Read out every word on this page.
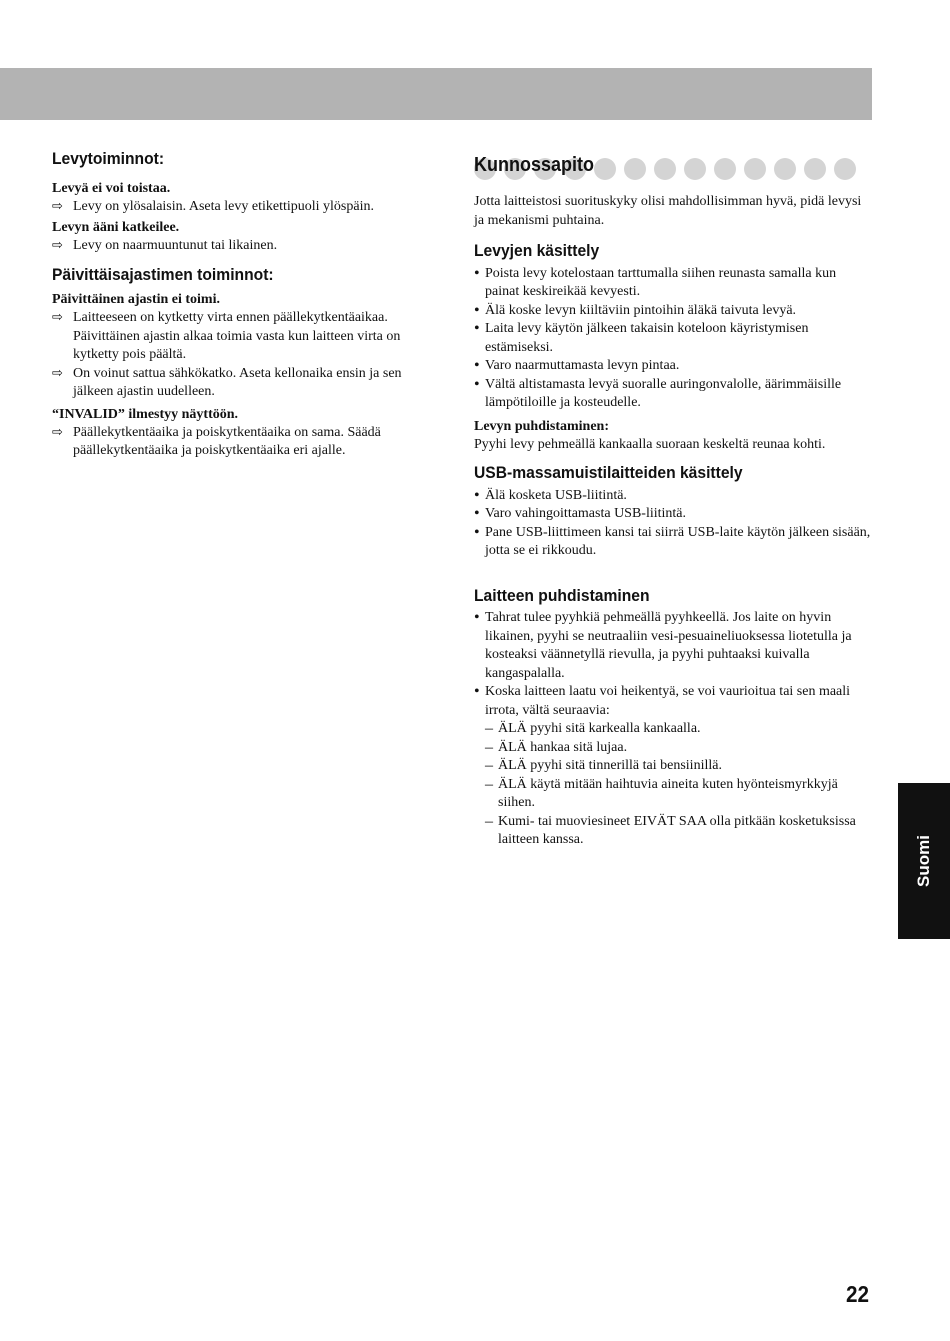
Levytoiminnot:

Levyä ei voi toistaa.

⇨ Levy on ylösalaisin. Aseta levy etikettipuoli ylöspäin.

Levyn ääni katkeilee.

⇨ Levy on naarmuuntunut tai likainen.

Päivittäisajastimen toiminnot:

Päivittäinen ajastin ei toimi.

⇨ Laitteeseen on kytketty virta ennen päällekytkentäaikaa. Päivittäinen ajastin alkaa toimia vasta kun laitteen virta on kytketty pois päältä.

⇨ On voinut sattua sähkökatko. Aseta kellonaika ensin ja sen jälkeen ajastin uudelleen.

“INVALID” ilmestyy näyttöön.

⇨ Päällekytkentäaika ja poiskytkentäaika on sama. Säädä päällekytkentäaika ja poiskytkentäaika eri ajalle.

Kunnossapito

Jotta laitteistosi suorituskyky olisi mahdollisimman hyvä, pidä levysi ja mekanismi puhtaina.

Levyjen käsittely

• Poista levy kotelostaan tarttumalla siihen reunasta samalla kun painat keskireikää kevyesti.

• Älä koske levyn kiiltäviin pintoihin äläkä taivuta levyä.

• Laita levy käytön jälkeen takaisin koteloon käyristymisen estämiseksi.

• Varo naarmuttamasta levyn pintaa.

• Vältä altistamasta levyä suoralle auringonvalolle, äärimmäisille lämpötiloille ja kosteudelle.

Levyn puhdistaminen:

Pyyhi levy pehmeällä kankaalla suoraan keskeltä reunaa kohti.

USB-massamuistilaitteiden käsittely

• Älä kosketa USB-liitintä.

• Varo vahingoittamasta USB-liitintä.

• Pane USB-liittimeen kansi tai siirrä USB-laite käytön jälkeen sisään, jotta se ei rikkoudu.

Laitteen puhdistaminen

• Tahrat tulee pyyhkiä pehmeällä pyyhkeellä. Jos laite on hyvin likainen, pyyhi se neutraaliin vesi-pesuaineliuoksessa liotetulla ja kosteaksi väännetyllä rievulla, ja pyyhi puhtaaksi kuivalla kangaspalalla.

• Koska laitteen laatu voi heikentyä, se voi vaurioitua tai sen maali irrota, vältä seuraavia:

– ÄLÄ pyyhi sitä karkealla kankaalla.

– ÄLÄ hankaa sitä lujaa.

– ÄLÄ pyyhi sitä tinnerillä tai bensiinillä.

– ÄLÄ käytä mitään haihtuvia aineita kuten hyönteismyrkkyjä siihen.

– Kumi- tai muoviesineet EIVÄT SAA olla pitkään kosketuksissa laitteen kanssa.	Suomi
22
